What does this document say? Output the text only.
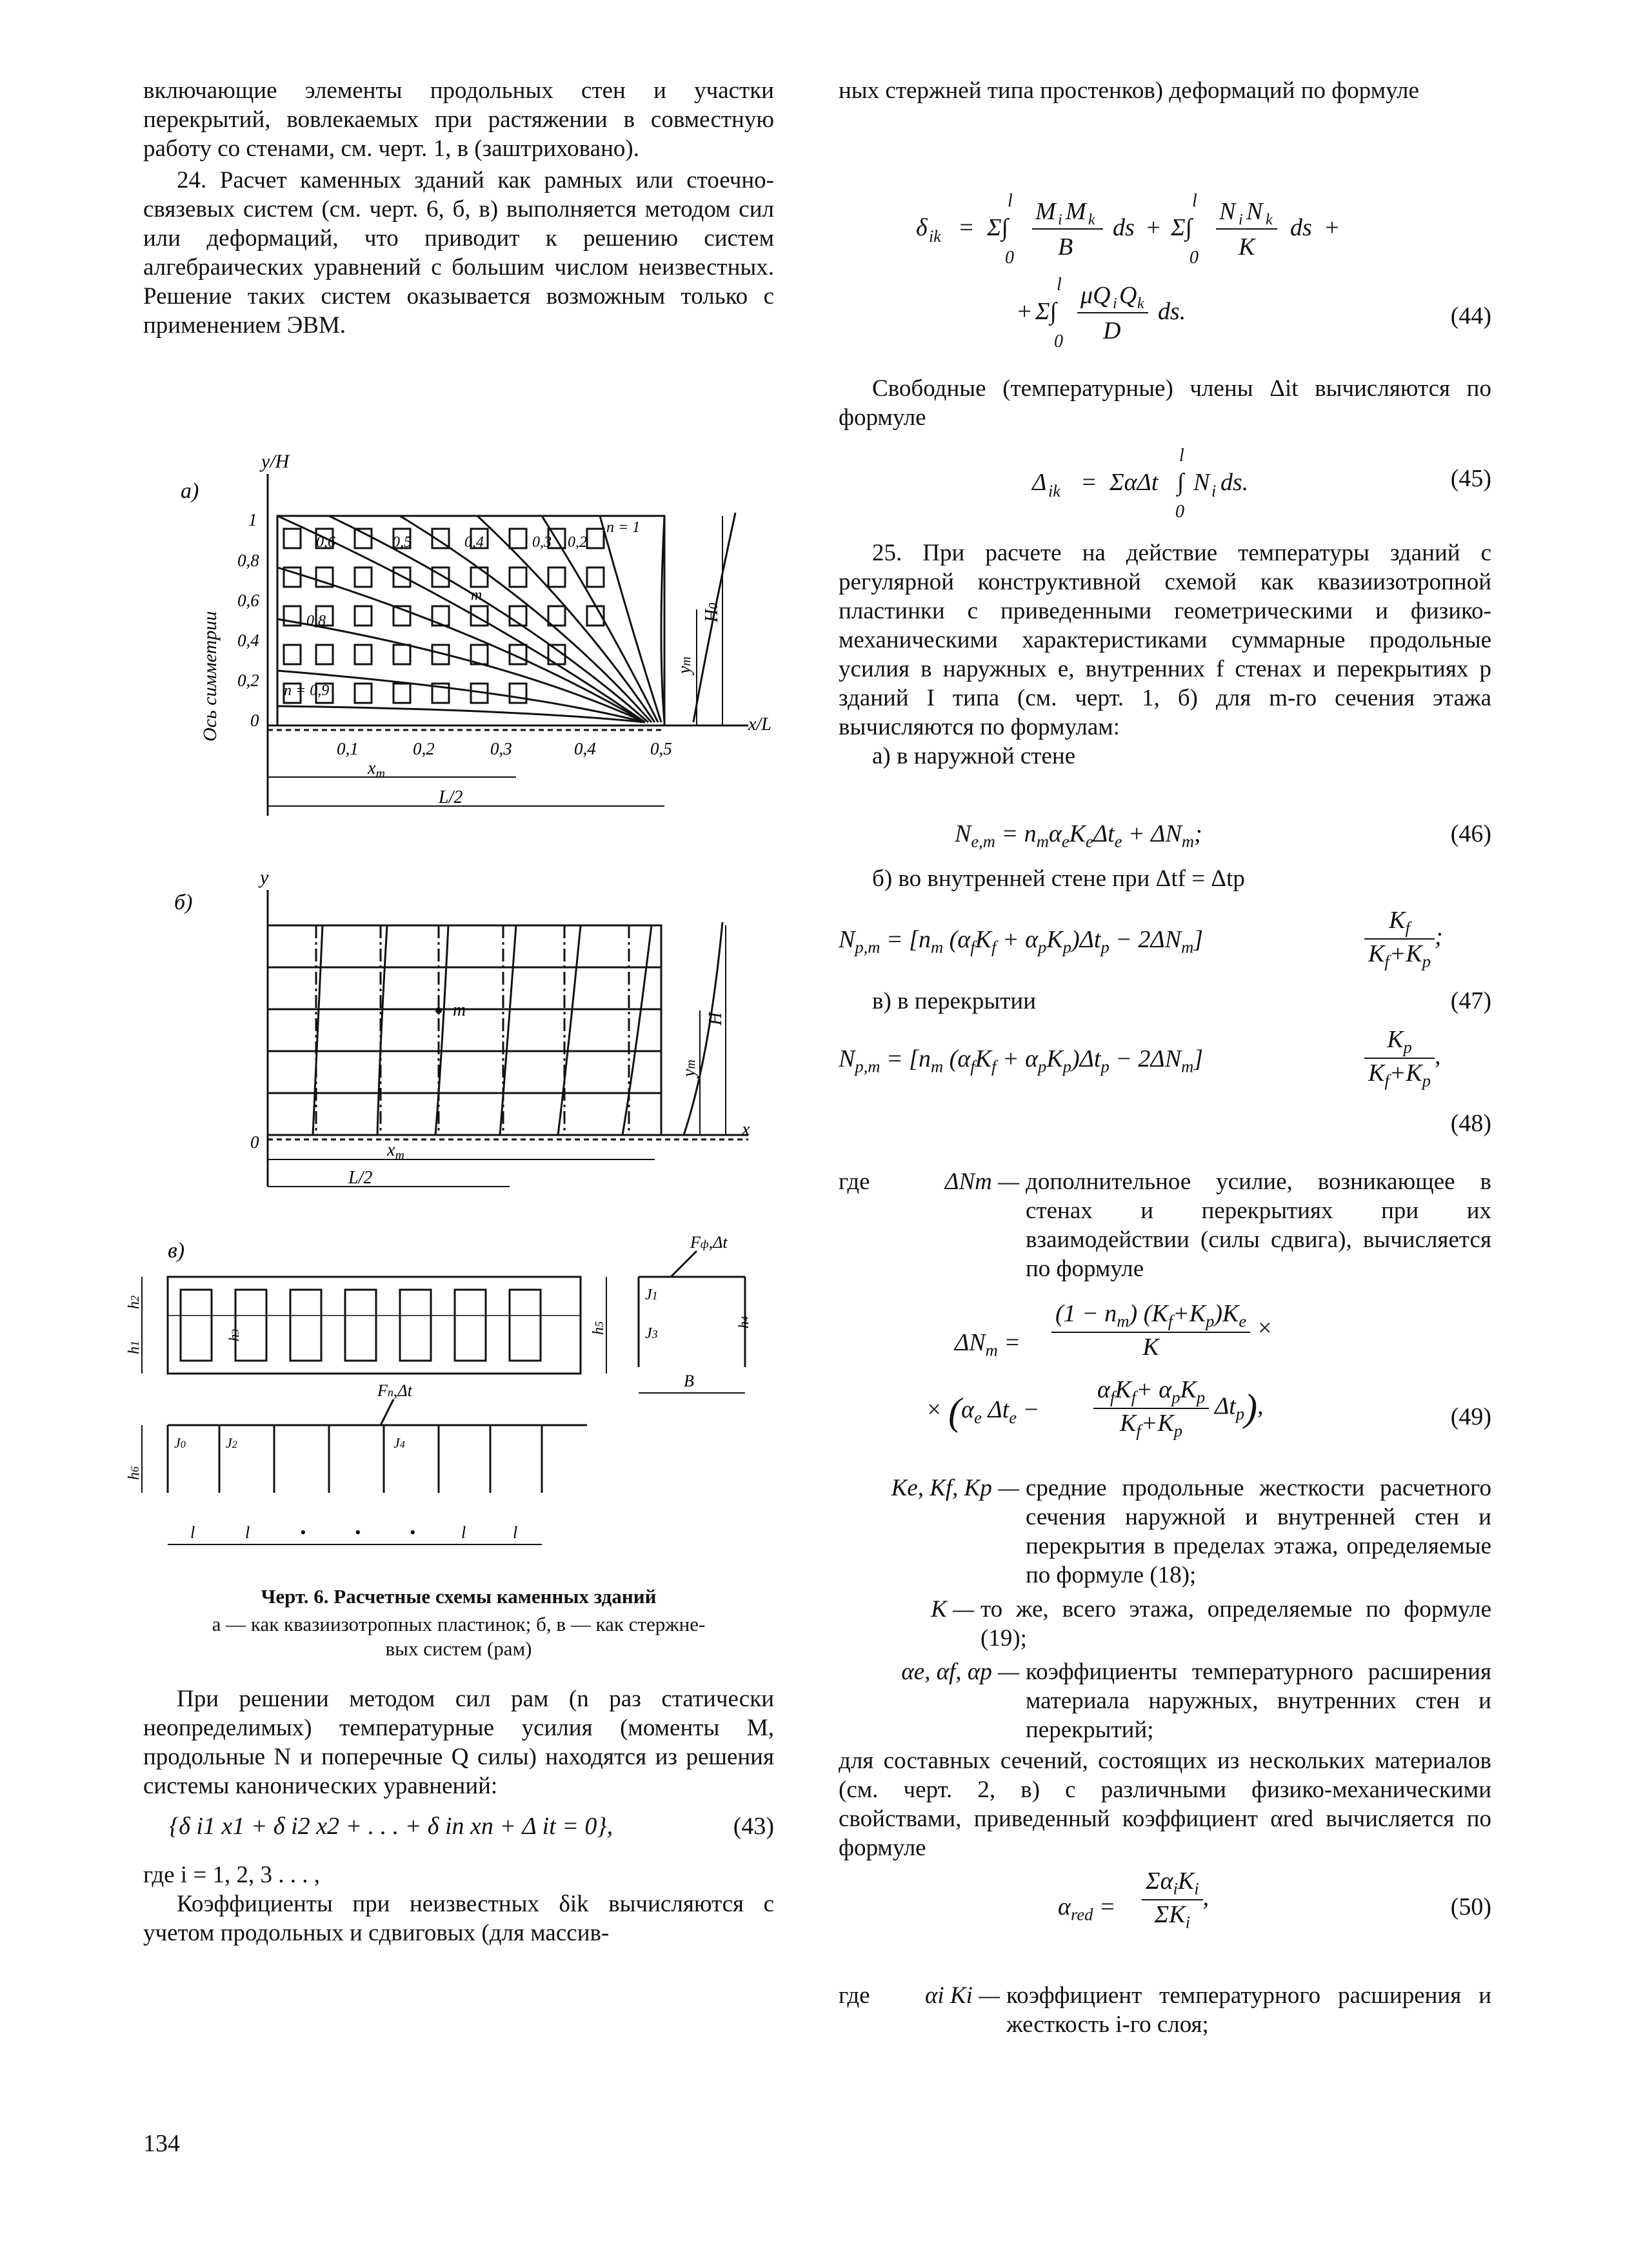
включающие элементы продольных стен и участки перекрытий, вовлекаемых при растяжении в совместную работу со стенами, см. черт. 1, в (заштриховано).

24. Расчет каменных зданий как рамных или стоечно-связевых систем (см. черт. 6, б, в) выполняется методом сил или деформаций, что приводит к решению систем алгебраических уравнений с большим числом неизвестных. Решение таких систем оказывается возможным только с применением ЭВМ.

а)
y/H
Ось симметрии
1
0,8
0,6
0,4
0,2
0
0,6	0,5	0,4	0,3 0,2
n = 1
0,8
n = 0,9
m
0,1	0,2	0,3	0,4	0,5
x/L
$x_m$
L/2
ym
H0
б)
y
0
m
ym
H
x
$x_m$
L/2
в)
h1
h2
h3	h5
Fф,Δt
J1
J3
h4
B
Fn,Δt
J0	J2	J4
h6
l	l	•	•	•	l	l
Черт. 6. Расчетные схемы каменных зданий
а — как квазиизотропных пластинок; б, в — как стержне-
вых систем (рам)

При решении методом сил рам (n раз статически неопределимых) температурные усилия (моменты M, продольные N и поперечные Q силы) находятся из решения системы канонических уравнений:

{δ i1 x1 + δ i2 x2 + . . . + δ in xn + Δ it = 0},	(43)

где i = 1, 2, 3 . . . ,

Коэффициенты при неизвестных δik вычисляются с учетом продольных и сдвиговых (для массив-

134

ных стержней типа простенков) деформаций по формуле

δ ik = Σ∫
l
0
M i M k
B
ds + Σ∫
l
0
N i N k
K
ds +
+ Σ∫
l
0
μQ i Q k
D
ds.	(44)

Свободные (температурные) члены Δit вычисляются по формуле

Δ ik = ΣαΔt ∫
l
0
N i ds.	(45)

25. При расчете на действие температуры зданий с регулярной конструктивной схемой как квазиизотропной пластинки с приведенными геометрическими и физико-механическими характеристиками суммарные продольные усилия в наружных e, внутренних f стенах и перекрытиях p зданий I типа (см. черт. 1, б) для m-го сечения этажа вычисляются по формулам:

а) в наружной стене

$N_{e,m} = n_m\alpha_eK_e\Delta t_e + \Delta N_m$;	(46)

б) во внутренней стене при Δtf = Δtp

$N_{p,m} = [n_m$ $(\alpha_fK_f + \alpha_pK_p)\Delta t_p - 2\Delta N_m$]	$\frac{K_f}{K_f+K_p}$ ;

в) в перекрытии	(47)
$N_{p,m} = [n_m$ $(\alpha_fK_f + \alpha_pK_p)\Delta t_p - 2\Delta N_m$]	$\frac{K_p}{K_f+K_p}$ ,
(48)
где	ΔNm — дополнительное усилие, возникающее в стенах и перекрытиях при их взаимодействии (силы сдвига), вычисляется по формуле
$\Delta N_m = \frac{(1 - n_m) (K_f+K_p)K_e}{K}$ ×
× ($\alpha_e$ $\Delta t_e - \frac{\alpha_fK_f+ \alpha_pK_p}{K_f+K_p} \Delta t_p$),	(49)
Ke, Kf, Kp — средние продольные жесткости расчетного сечения наружной и внутренней стен и перекрытия в пределах этажа, определяемые по формуле (18);
K — то же, всего этажа, определяемые по формуле (19);
αe, αf, αp — коэффициенты температурного расширения материала наружных, внутренних стен и перекрытий;

для составных сечений, состоящих из нескольких материалов (см. черт. 2, в) с различными физико-механическими свойствами, приведенный коэффициент αred вычисляется по формуле

$\alpha_{red} = \frac{\Sigma\alpha_iK_i}{\Sigma K_i}$ ,	(50)
где	αi Ki — коэффициент температурного расширения и жесткость i-го слоя;
